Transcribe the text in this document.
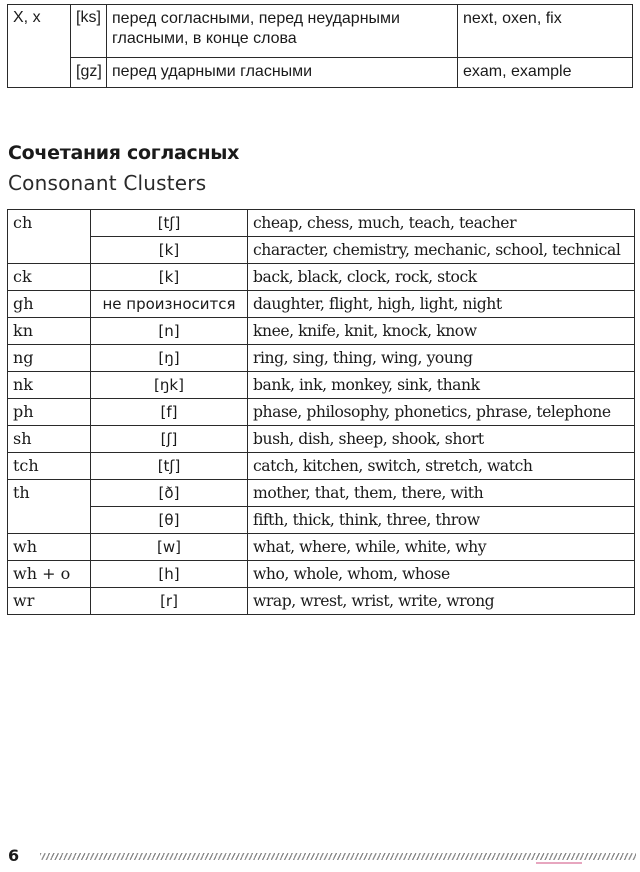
X, x	[ks]	перед согласными, перед неударными гласными, в конце слова	next, oxen, fix
	[gz]	перед ударными гласными	exam, example
Сочетания согласных
Consonant Clusters
ch	[tʃ]	cheap, chess, much, teach, teacher
	[k]	character, chemistry, mechanic, school, technical
ck	[k]	back, black, clock, rock, stock
gh	не произносится	daughter, flight, high, light, night
kn	[n]	knee, knife, knit, knock, know
ng	[ŋ]	ring, sing, thing, wing, young
nk	[ŋk]	bank, ink, monkey, sink, thank
ph	[f]	phase, philosophy, phonetics, phrase, telephone
sh	[ʃ]	bush, dish, sheep, shook, short
tch	[tʃ]	catch, kitchen, switch, stretch, watch
th	[ð]	mother, that, them, there, with
	[θ]	fifth, thick, think, three, throw
wh	[w]	what, where, while, white, why
wh + o	[h]	who, whole, whom, whose
wr	[r]	wrap, wrest, wrist, write, wrong

6
